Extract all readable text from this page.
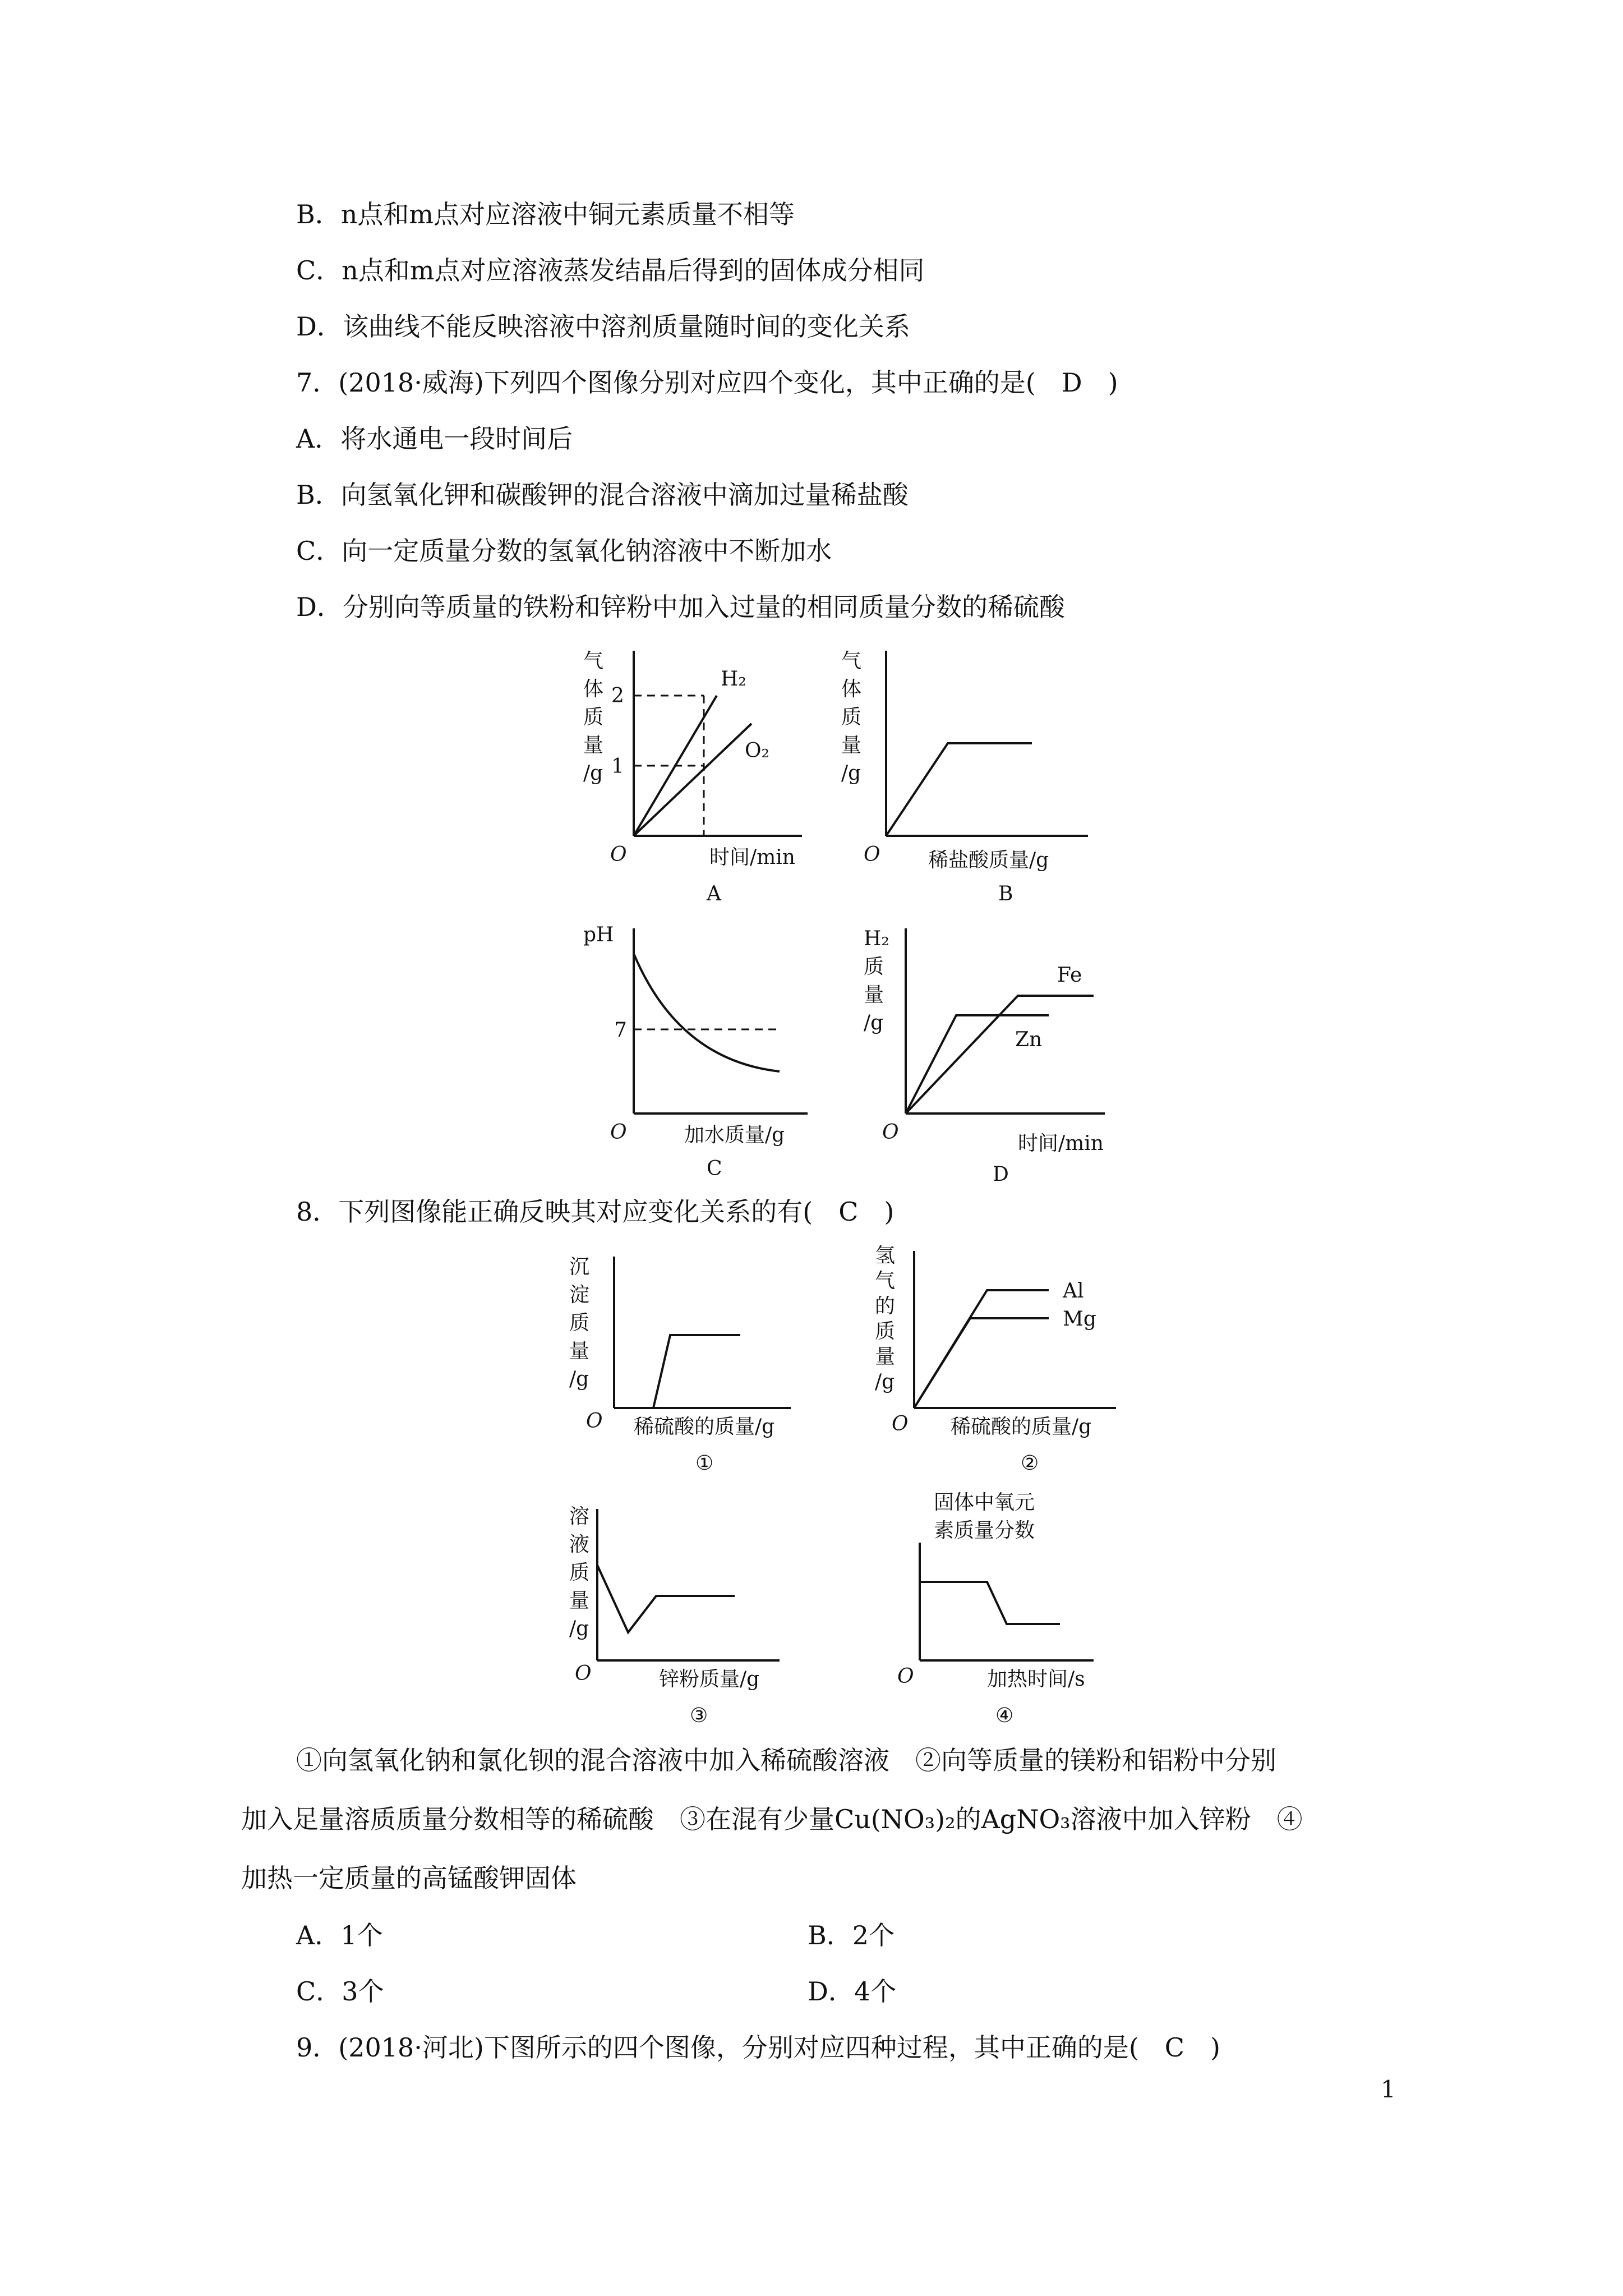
B．n点和m点对应溶液中铜元素质量不相等
C．n点和m点对应溶液蒸发结晶后得到的固体成分相同
D．该曲线不能反映溶液中溶剂质量随时间的变化关系
7．(2018·威海)下列四个图像分别对应四个变化，其中正确的是(　D　)
A．将水通电一段时间后
B．向氢氧化钾和碳酸钾的混合溶液中滴加过量稀盐酸
C．向一定质量分数的氢氧化钠溶液中不断加水
D．分别向等质量的铁粉和锌粉中加入过量的相同质量分数的稀硫酸
气
体
质
量
/g
2
1
H₂
O₂
O	时间/min
A
气
体
质
量
/g
O 稀盐酸质量/g
B
pH
7
O	加水质量/g
C
H₂
质
量
/g
Fe
Zn
O	时间/min
D
8．下列图像能正确反映其对应变化关系的有(　C　)
沉
淀
质
量
/g
O 稀硫酸的质量/g
①
氢
气
的
质
量
/g
Al
Mg
O 稀硫酸的质量/g
②
溶
液
质
量
/g
O	锌粉质量/g
③
固体中氧元
素质量分数
O	加热时间/s
④
①向氢氧化钠和氯化钡的混合溶液中加入稀硫酸溶液　②向等质量的镁粉和铝粉中分别
加入足量溶质质量分数相等的稀硫酸　③在混有少量Cu(NO₃)₂的AgNO₃溶液中加入锌粉　④
加热一定质量的高锰酸钾固体
A．1个	B．2个
C．3个	D．4个
9．(2018·河北)下图所示的四个图像，分别对应四种过程，其中正确的是(　C　)
1
